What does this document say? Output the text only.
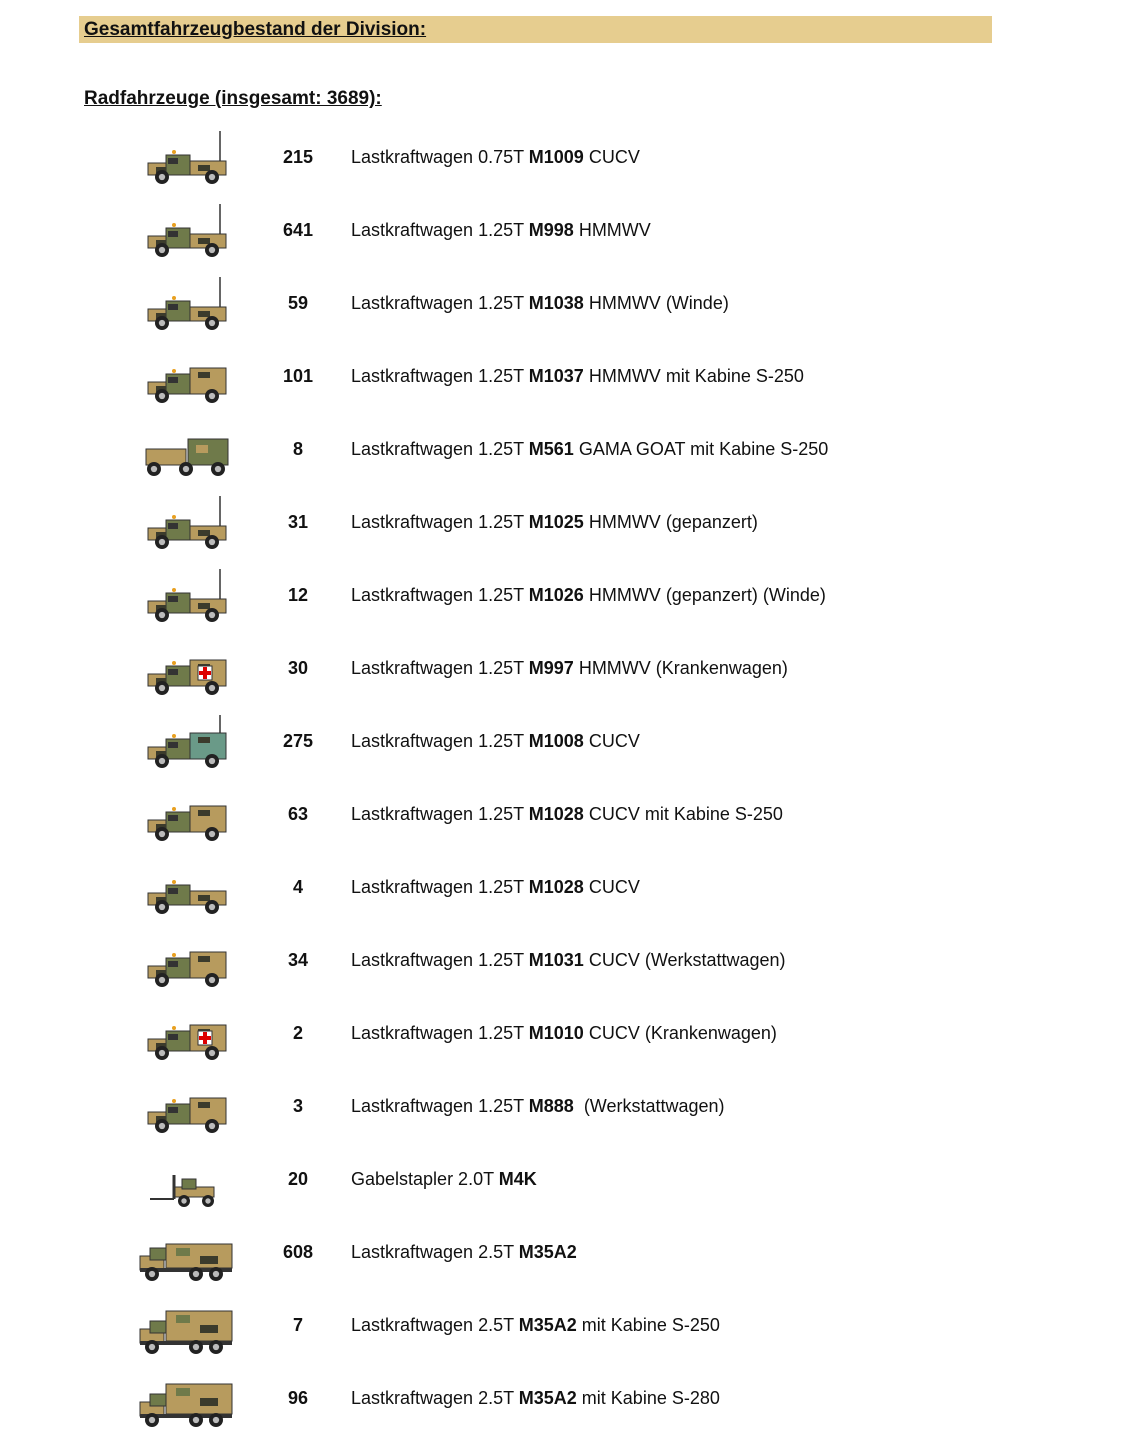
Gesamtfahrzeugbestand der Division:
Radfahrzeuge (insgesamt: 3689):
215	Lastkraftwagen 0.75T M1009 CUCV
641	Lastkraftwagen 1.25T M998 HMMWV
59	Lastkraftwagen 1.25T M1038 HMMWV (Winde)
101	Lastkraftwagen 1.25T M1037 HMMWV mit Kabine S-250
8	Lastkraftwagen 1.25T M561 GAMA GOAT mit Kabine S-250
31	Lastkraftwagen 1.25T M1025 HMMWV (gepanzert)
12	Lastkraftwagen 1.25T M1026 HMMWV (gepanzert) (Winde)
30	Lastkraftwagen 1.25T M997 HMMWV (Krankenwagen)
275	Lastkraftwagen 1.25T M1008 CUCV
63	Lastkraftwagen 1.25T M1028 CUCV mit Kabine S-250
4	Lastkraftwagen 1.25T M1028 CUCV
34	Lastkraftwagen 1.25T M1031 CUCV (Werkstattwagen)
2	Lastkraftwagen 1.25T M1010 CUCV (Krankenwagen)
3	Lastkraftwagen 1.25T M888  (Werkstattwagen)
20	Gabelstapler 2.0T M4K
608	Lastkraftwagen 2.5T M35A2
7	Lastkraftwagen 2.5T M35A2 mit Kabine S-250
96	Lastkraftwagen 2.5T M35A2 mit Kabine S-280
